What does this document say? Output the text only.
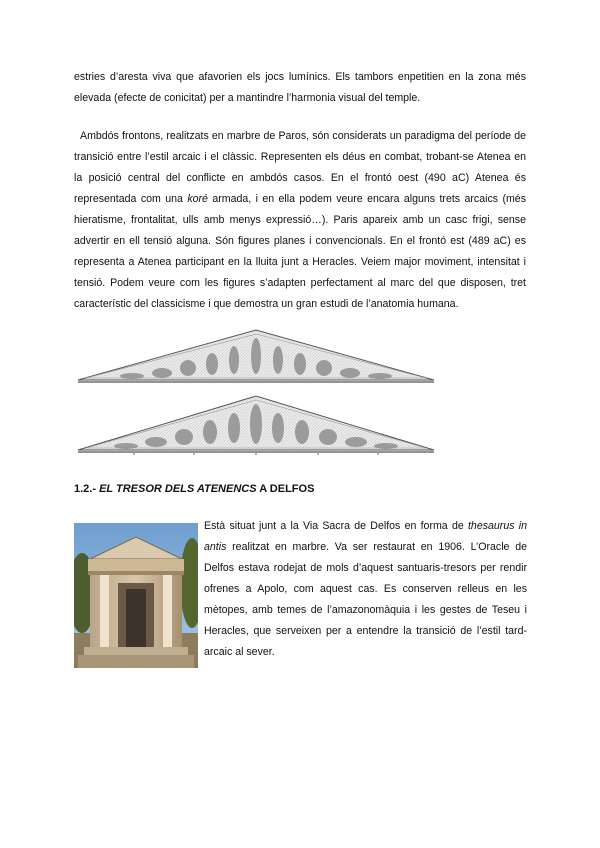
estries d’aresta viva que afavorien els jocs lumínics. Els tambors enpetitien en la zona més elevada (efecte de conicitat) per a mantindre l’harmonia visual del temple.

Ambdós frontons, realitzats en marbre de Paros, són considerats un paradigma del període de transició entre l’estil arcaic i el clàssic. Representen els déus en combat, trobant-se Atenea en la posició central del conflicte en ambdós casos. En el frontó oest (490 aC) Atenea és representada com una koré armada, i en ella podem veure encara alguns trets arcaics (més hieratisme, frontalitat, ulls amb menys expressió…). Paris apareix amb un casc frigi, sense advertir en ell tensió alguna. Són figures planes i convencionals. En el frontó est (489 aC) es representa a Atenea participant en la lluita junt a Heracles. Veiem major moviment, intensitat i tensió. Podem veure com les figures s’adapten perfectament al marc del que disposen, tret característic del classicisme i que demostra un gran estudi de l’anatomia humana.

1.2.- EL TRESOR DELS ATENENCS A DELFOS

Està situat junt a la Via Sacra de Delfos en forma de thesaurus in antis realitzat en marbre. Va ser restaurat en 1906. L’Oracle de Delfos estava rodejat de mols d’aquest santuaris-tresors per rendir ofrenes a Apolo, com aquest cas. Es conserven relleus en les mètopes, amb temes de l’amazonomàquia i les gestes de Teseu i Heracles, que serveixen per a entendre la transició de l’estil tard-arcaic al sever.
